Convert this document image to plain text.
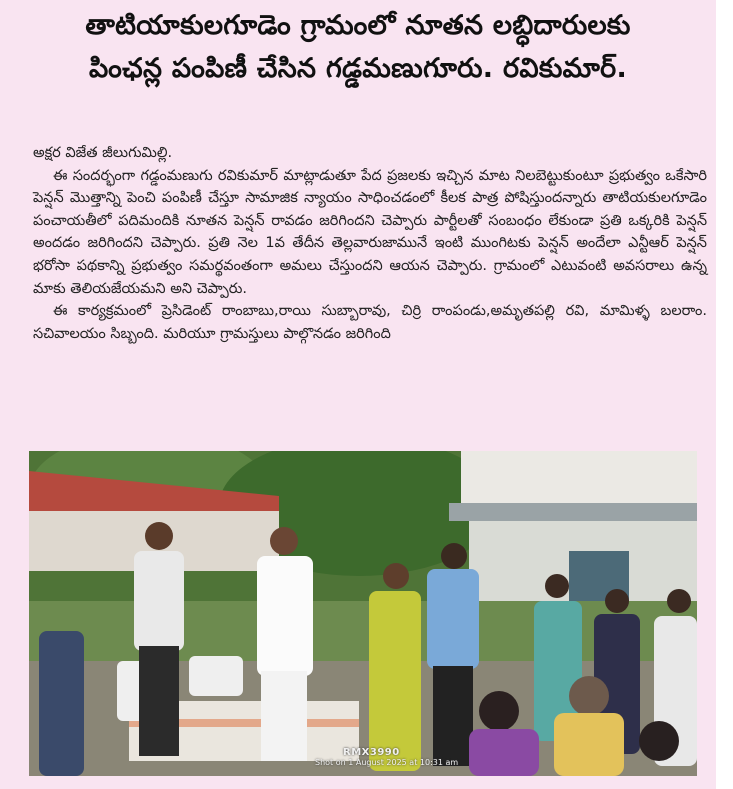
తాటియాకులగూడెం గ్రామంలో నూతన లబ్ధిదారులకు
పింఛన్ల పంపిణీ చేసిన గడ్డమణుగూరు. రవికుమార్.

అక్షర విజేత జీలుగుమిల్లి.

ఈ సందర్భంగా గడ్డంమణుగు రవికుమార్ మాట్లాడుతూ పేద ప్రజలకు ఇచ్చిన మాట నిలబెట్టుకుంటూ ప్రభుత్వం ఒకేసారి పెన్షన్ మొత్తాన్ని పెంచి పంపిణీ చేస్తూ సామాజిక న్యాయం సాధించడంలో కీలక పాత్ర పోషిస్తుందన్నారు తాటియకులగూడెం పంచాయతీలో పదిమందికి నూతన పెన్షన్ రావడం జరిగిందని చెప్పారు పార్టీలతో సంబంధం లేకుండా ప్రతి ఒక్కరికి పెన్షన్ అందడం జరిగిందని చెప్పారు. ప్రతి నెల 1వ తేదీన తెల్లవారుజామునే ఇంటి ముంగిటకు పెన్షన్ అందేలా ఎన్టీఆర్ పెన్షన్ భరోసా పథకాన్ని ప్రభుత్వం సమర్థవంతంగా అమలు చేస్తుందని ఆయన చెప్పారు. గ్రామంలో ఎటువంటి అవసరాలు ఉన్న మాకు తెలియజేయమని అని చెప్పారు.

ఈ కార్యక్రమంలో ప్రెసిడెంట్ రాంబాబు,రాయి సుబ్బారావు, చిర్రి రాంపండు,అమృతపల్లి రవి, మామిళ్ళ బలరాం. సచివాలయం సిబ్బంది. మరియూ గ్రామస్తులు పాల్గొనడం జరిగింది

RMX3990
Shot on 1 August 2025 at 10:31 am
